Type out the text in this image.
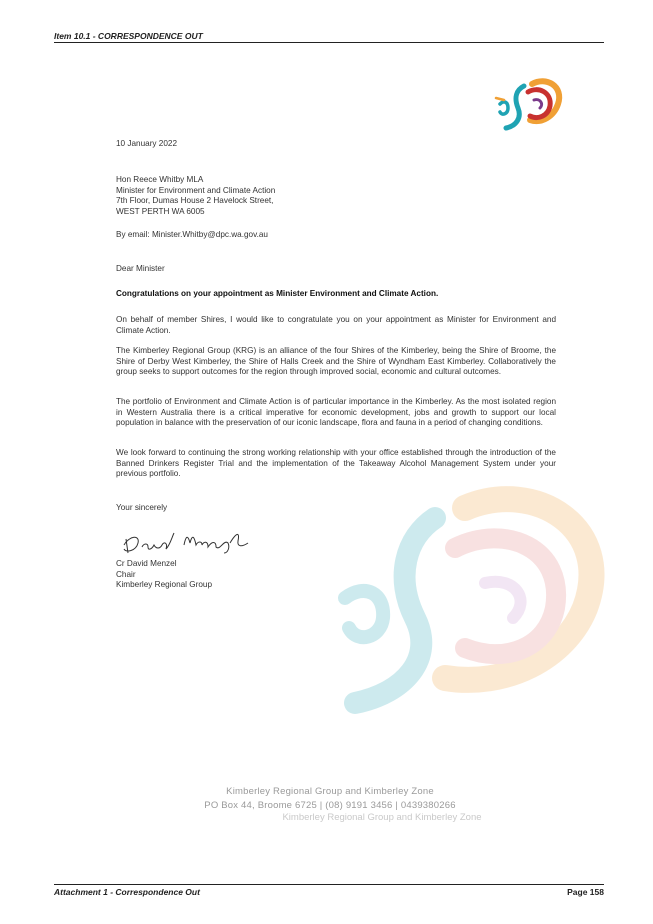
Item 10.1 - CORRESPONDENCE OUT
10 January 2022
Hon Reece Whitby MLA
Minister for Environment and Climate Action
7th Floor, Dumas House 2 Havelock Street,
WEST PERTH WA 6005
By email: Minister.Whitby@dpc.wa.gov.au
Dear Minister
Congratulations on your appointment as Minister Environment and Climate Action.
On behalf of member Shires, I would like to congratulate you on your appointment as Minister for Environment and Climate Action.
The Kimberley Regional Group (KRG) is an alliance of the four Shires of the Kimberley, being the Shire of Broome, the Shire of Derby West Kimberley, the Shire of Halls Creek and the Shire of Wyndham East Kimberley. Collaboratively the group seeks to support outcomes for the region through improved social, economic and cultural outcomes.
The portfolio of Environment and Climate Action is of particular importance in the Kimberley. As the most isolated region in Western Australia there is a critical imperative for economic development, jobs and growth to support our local population in balance with the preservation of our iconic landscape, flora and fauna in a period of changing conditions.
We look forward to continuing the strong working relationship with your office established through the introduction of the Banned Drinkers Register Trial and the implementation of the Takeaway Alcohol Management System under your previous portfolio.
Your sincerely
Cr David Menzel
Chair
Kimberley Regional Group
Kimberley Regional Group and Kimberley Zone
PO Box 44, Broome 6725 | (08) 9191 3456 | 0439380266
Kimberley Regional Group and Kimberley Zone
Attachment 1 - Correspondence Out	Page 158
